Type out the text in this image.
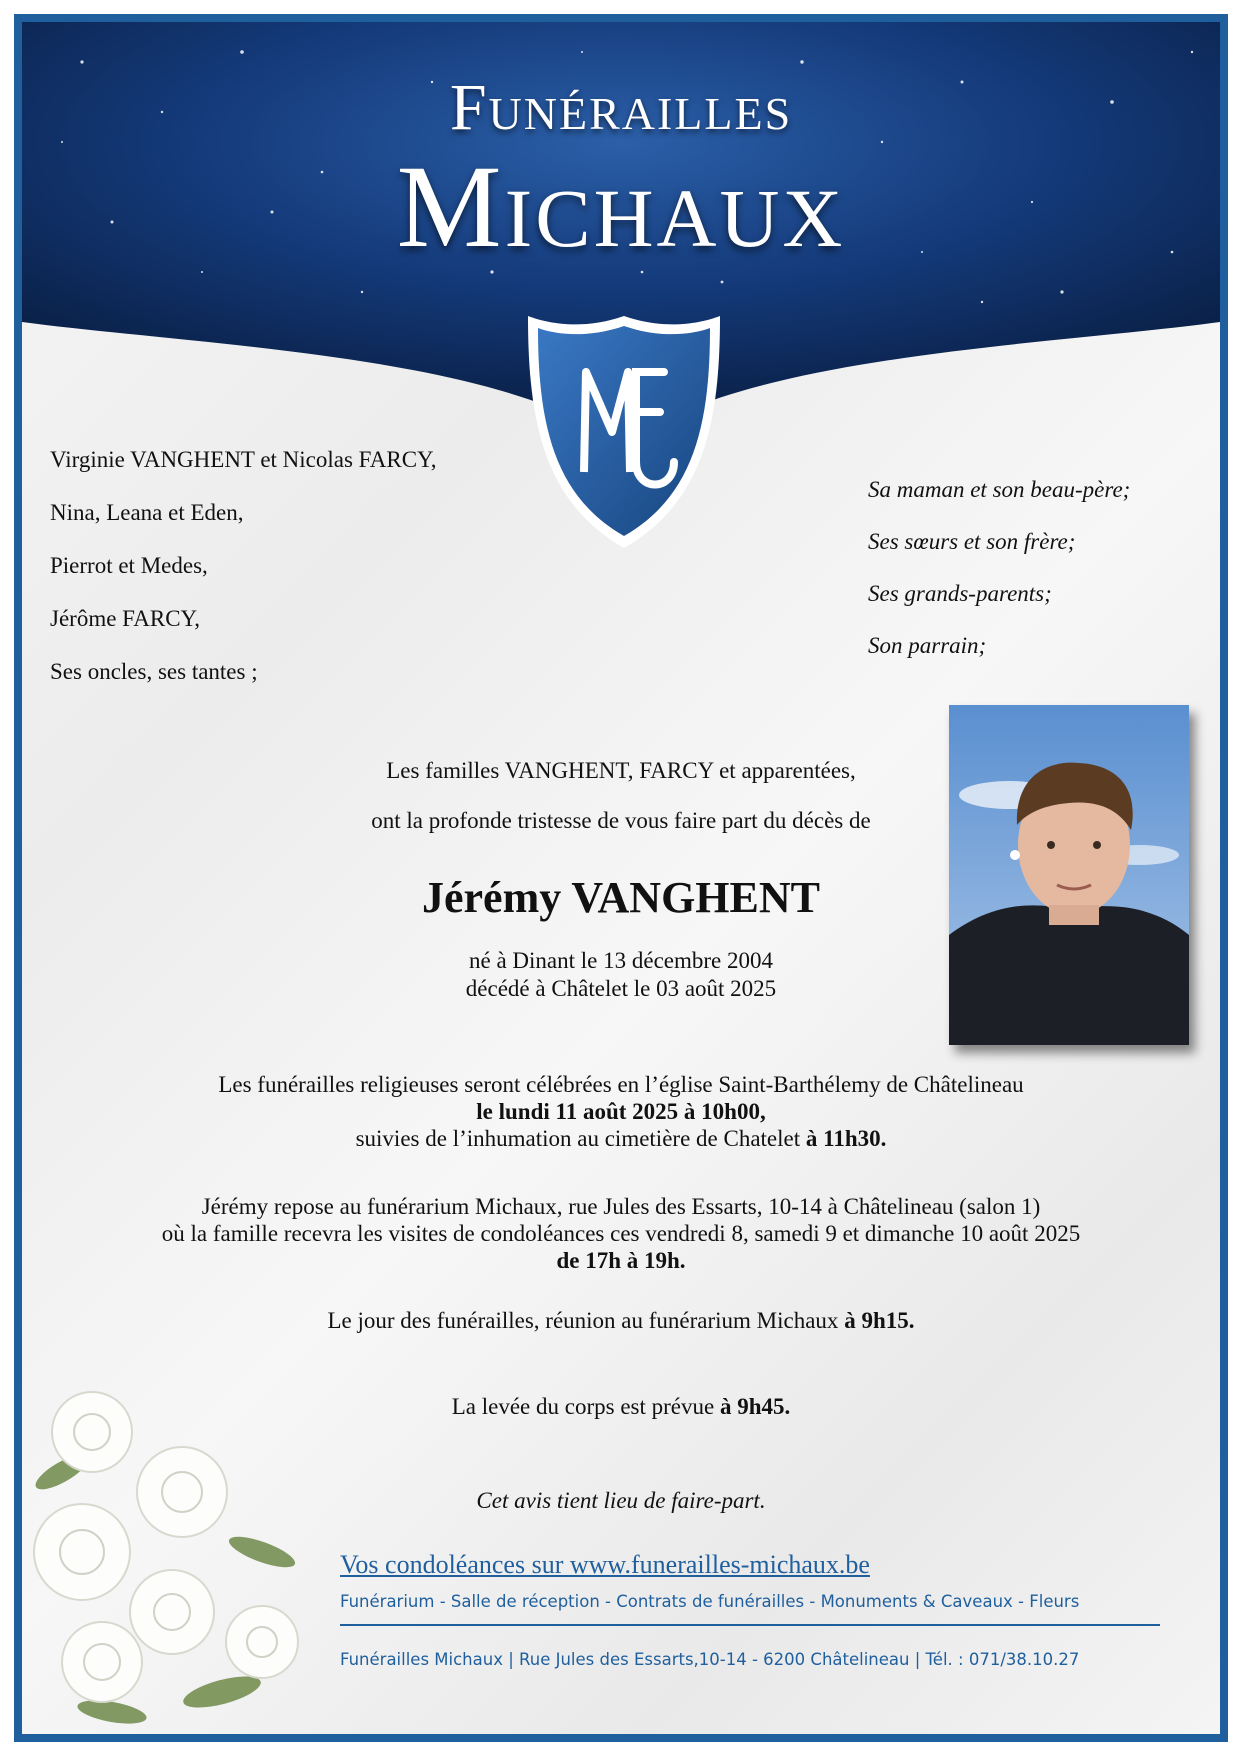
Funérailles
Michaux
Virginie VANGHENT et Nicolas FARCY,
Nina, Leana et Eden,
Pierrot et Medes,
Jérôme FARCY,
Ses oncles, ses tantes ;
Sa maman et son beau-père;
Ses sœurs et son frère;
Ses grands-parents;
Son parrain;
Les familles VANGHENT, FARCY et apparentées,
ont la profonde tristesse de vous faire part du décès de
Jérémy VANGHENT
né à Dinant le 13 décembre 2004
décédé à Châtelet le 03 août 2025
Les funérailles religieuses seront célébrées en l’église Saint-Barthélemy de Châtelineau
le lundi 11 août 2025 à 10h00,
suivies de l’inhumation au cimetière de Chatelet à 11h30.
Jérémy repose au funérarium Michaux, rue Jules des Essarts, 10-14 à Châtelineau (salon 1)
où la famille recevra les visites de condoléances ces vendredi 8, samedi 9 et dimanche 10 août 2025
de 17h à 19h.
Le jour des funérailles, réunion au funérarium Michaux à 9h15.
La levée du corps est prévue à 9h45.
Cet avis tient lieu de faire-part.
Vos condoléances sur www.funerailles-michaux.be
Funérarium - Salle de réception - Contrats de funérailles - Monuments & Caveaux - Fleurs
Funérailles Michaux | Rue Jules des Essarts,10-14 - 6200 Châtelineau | Tél. : 071/38.10.27
